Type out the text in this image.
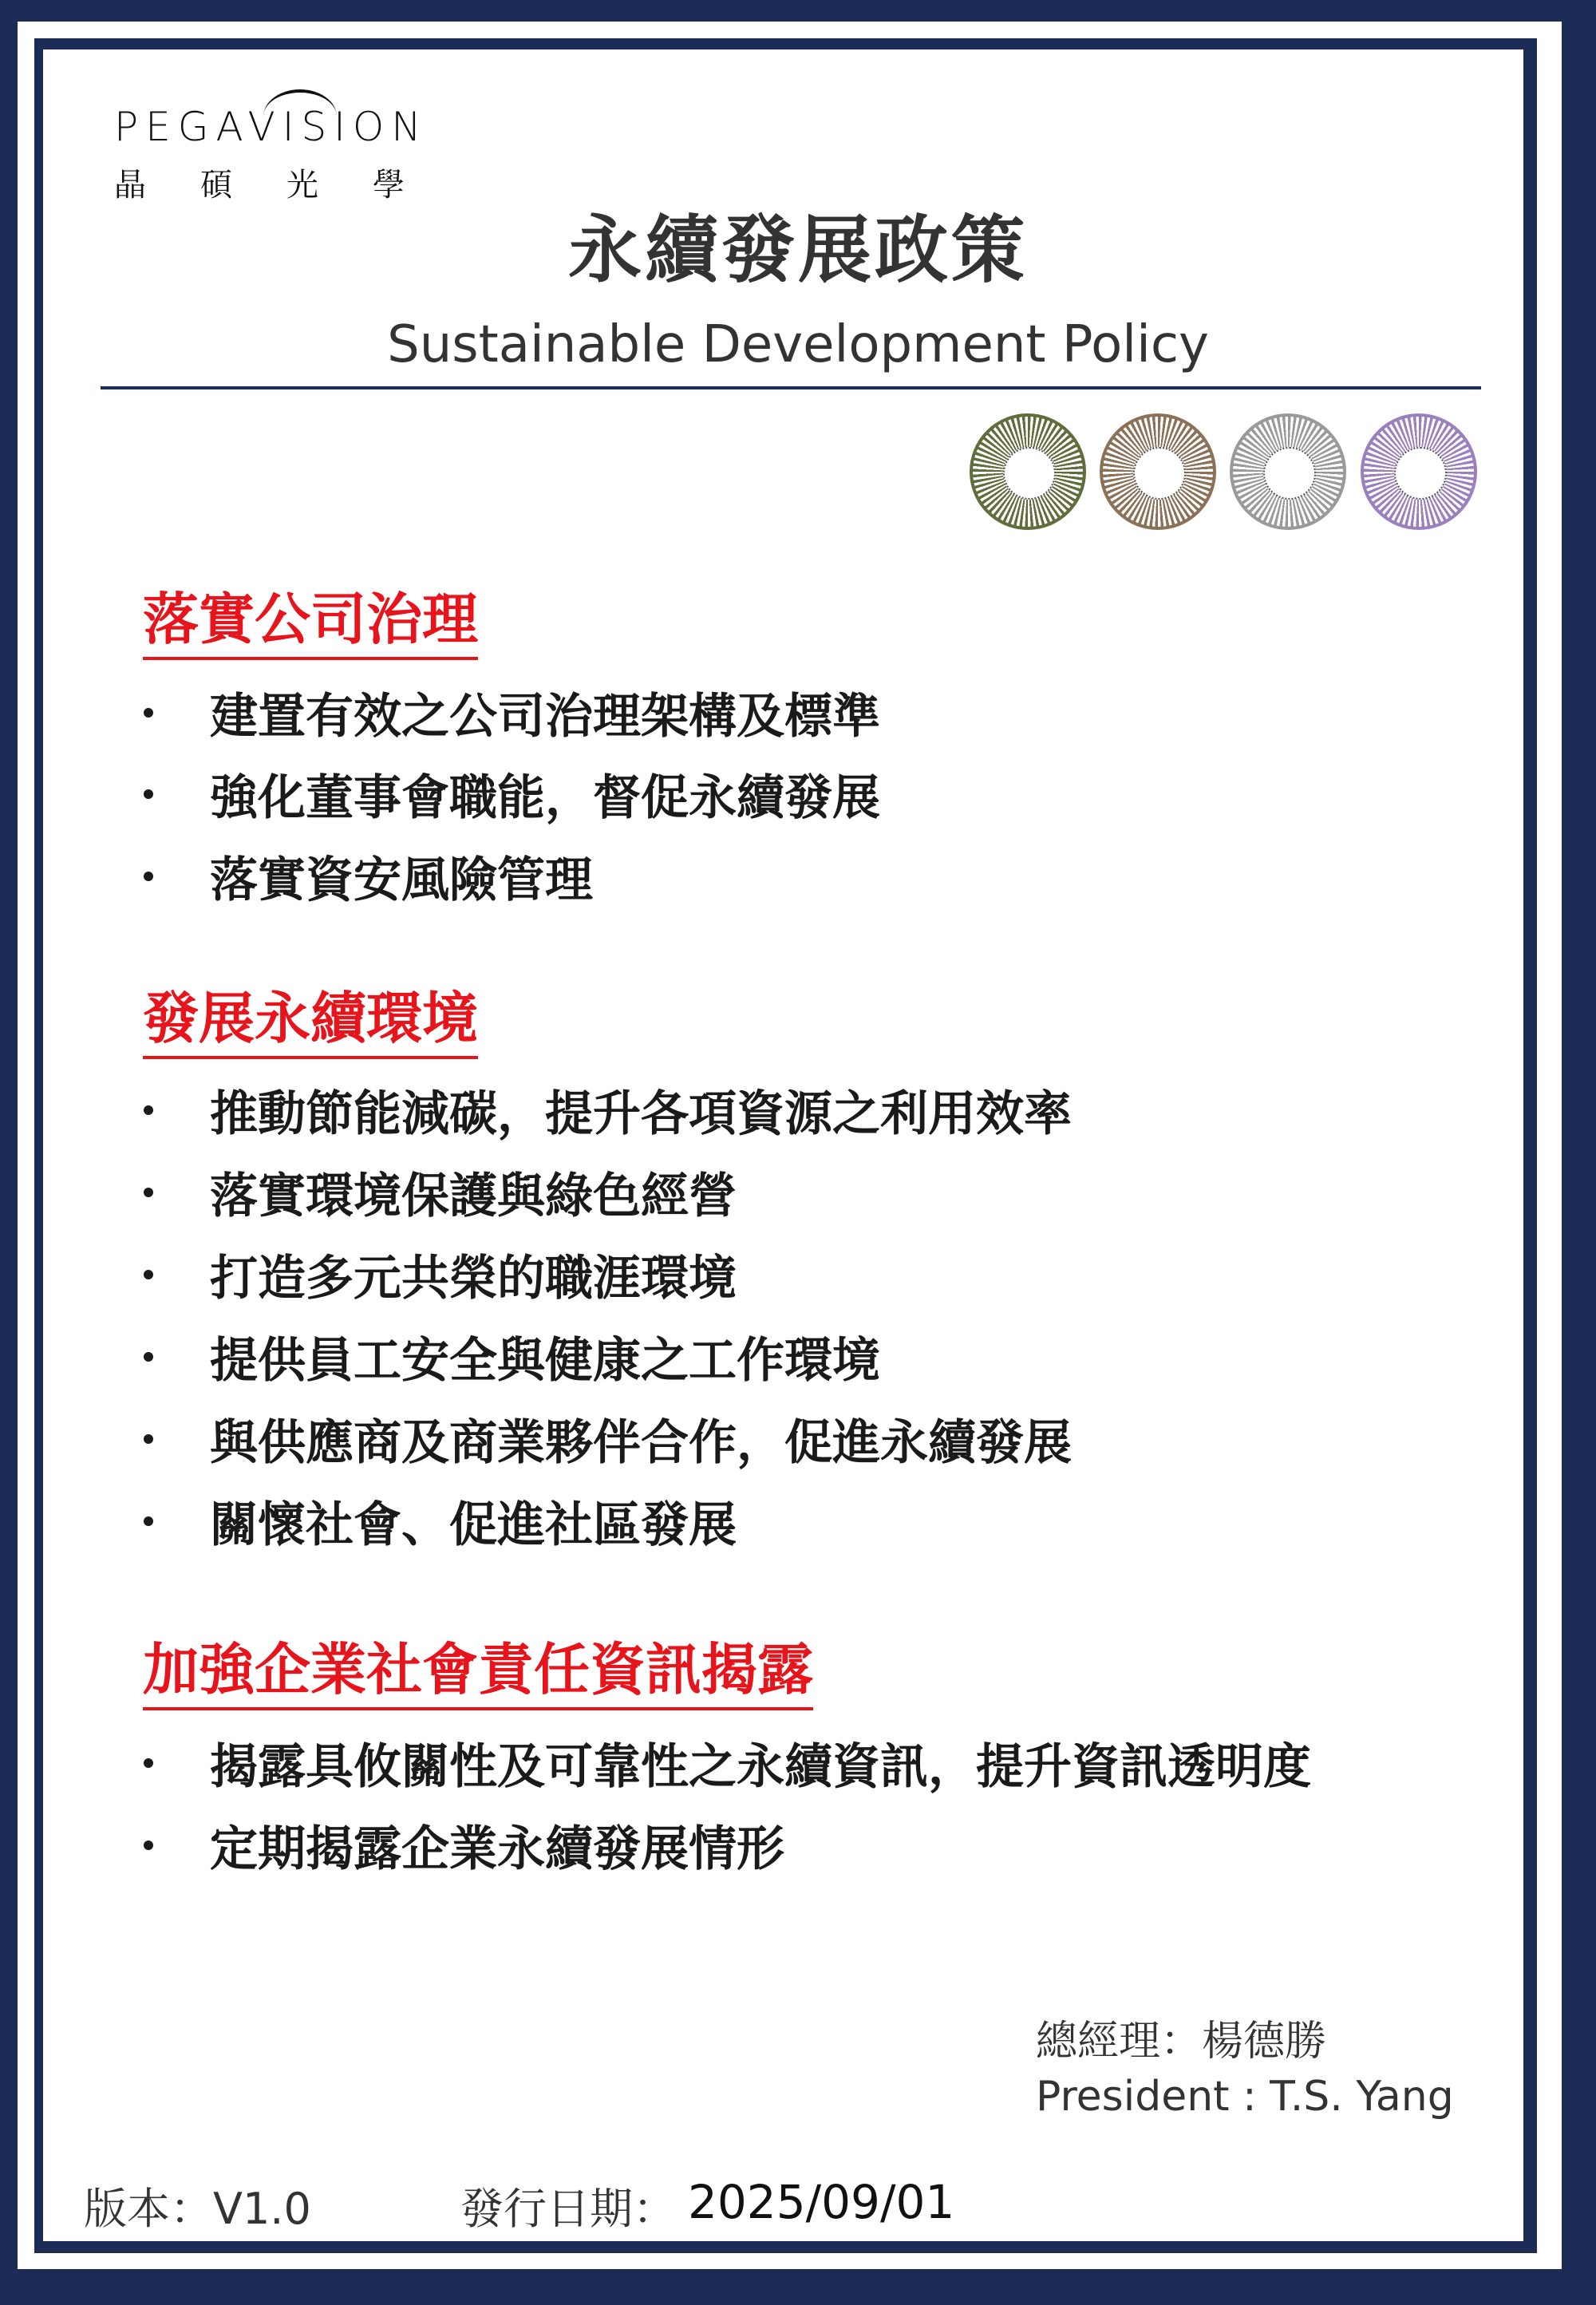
PEGAVISION
晶 碩 光 學
永續發展政策
Sustainable Development Policy
落實公司治理
建置有效之公司治理架構及標準
強化董事會職能，督促永續發展
落實資安風險管理
發展永續環境
推動節能減碳，提升各項資源之利用效率
落實環境保護與綠色經營
打造多元共榮的職涯環境
提供員工安全與健康之工作環境
與供應商及商業夥伴合作，促進永續發展
關懷社會、促進社區發展
加強企業社會責任資訊揭露
揭露具攸關性及可靠性之永續資訊，提升資訊透明度
定期揭露企業永續發展情形
總經理：楊德勝
President : T.S. Yang
版本：V1.0	發行日期： 2025/09/01
